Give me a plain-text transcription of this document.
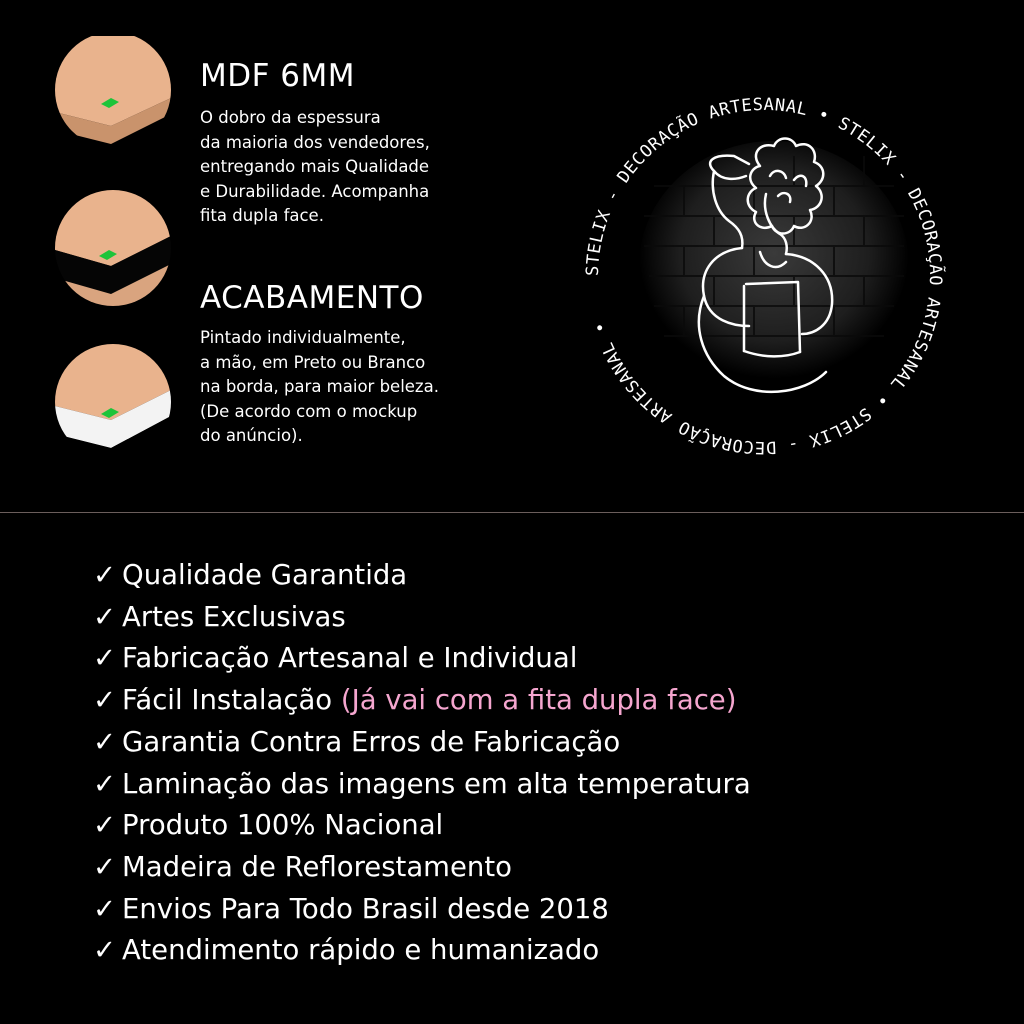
MDF 6MM

O dobro da espessura
da maioria dos vendedores,
entregando mais Qualidade
e Durabilidade. Acompanha
fita dupla face.

ACABAMENTO

Pintado individualmente,
a mão, em Preto ou Branco
na borda, para maior beleza.
(De acordo com o mockup
do anúncio).

STELIX - DECORAÇÃO ARTESANAL • STELIX - DECORAÇÃO ARTESANAL • STELIX - DECORAÇÃO ARTESANAL •
✓ Qualidade Garantida
✓ Artes Exclusivas
✓ Fabricação Artesanal e Individual
✓ Fácil Instalação (Já vai com a fita dupla face)
✓ Garantia Contra Erros de Fabricação
✓ Laminação das imagens em alta temperatura
✓ Produto 100% Nacional
✓ Madeira de Reflorestamento
✓ Envios Para Todo Brasil desde 2018
✓ Atendimento rápido e humanizado
